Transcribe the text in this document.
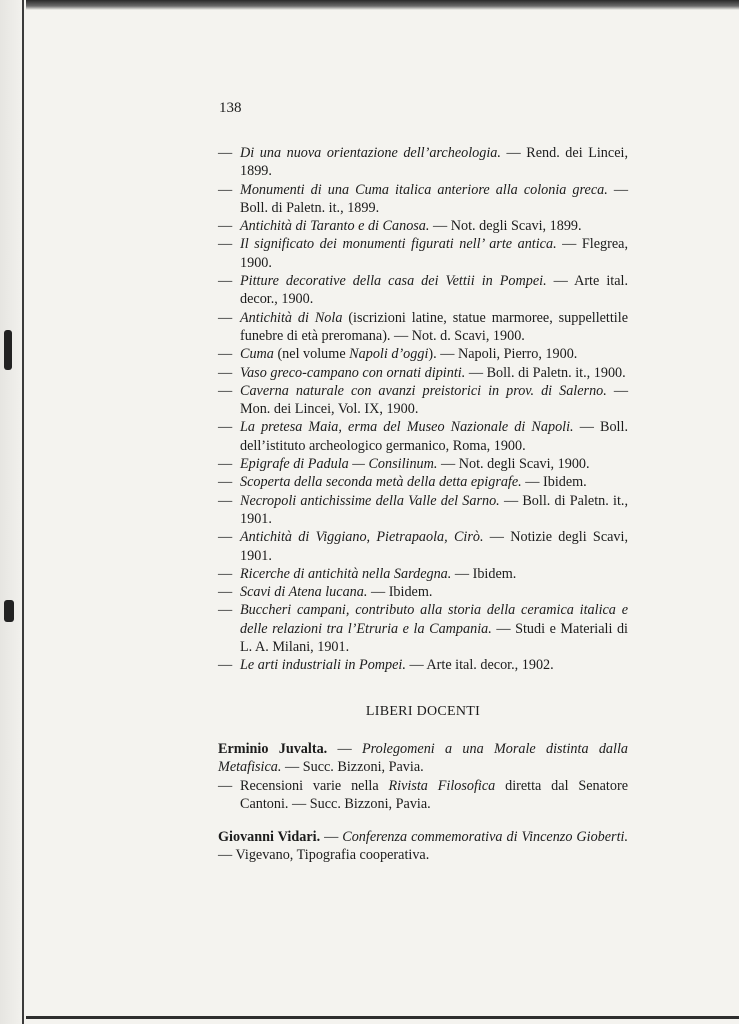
138
— Di una nuova orientazione dell’archeologia. — Rend. dei Lincei, 1899.
— Monumenti di una Cuma italica anteriore alla colonia greca. — Boll. di Paletn. it., 1899.
— Antichità di Taranto e di Canosa. — Not. degli Scavi, 1899.
— Il significato dei monumenti figurati nell’ arte antica. — Flegrea, 1900.
— Pitture decorative della casa dei Vettii in Pompei. — Arte ital. decor., 1900.
— Antichità di Nola (iscrizioni latine, statue marmoree, suppellettile funebre di età preromana). — Not. d. Scavi, 1900.
— Cuma (nel volume Napoli d’oggi). — Napoli, Pierro, 1900.
— Vaso greco-campano con ornati dipinti. — Boll. di Paletn. it., 1900.
— Caverna naturale con avanzi preistorici in prov. di Salerno. — Mon. dei Lincei, Vol. IX, 1900.
— La pretesa Maia, erma del Museo Nazionale di Napoli. — Boll. dell’istituto archeologico germanico, Roma, 1900.
— Epigrafe di Padula — Consilinum. — Not. degli Scavi, 1900.
— Scoperta della seconda metà della detta epigrafe. — Ibidem.
— Necropoli antichissime della Valle del Sarno. — Boll. di Paletn. it., 1901.
— Antichità di Viggiano, Pietrapaola, Cirò. — Notizie degli Scavi, 1901.
— Ricerche di antichità nella Sardegna. — Ibidem.
— Scavi di Atena lucana. — Ibidem.
— Buccheri campani, contributo alla storia della ceramica italica e delle relazioni tra l’Etruria e la Campania. — Studi e Materiali di L. A. Milani, 1901.
— Le arti industriali in Pompei. — Arte ital. decor., 1902.
LIBERI DOCENTI
Erminio Juvalta. — Prolegomeni a una Morale distinta dalla Metafisica. — Succ. Bizzoni, Pavia.
— Recensioni varie nella Rivista Filosofica diretta dal Senatore Cantoni. — Succ. Bizzoni, Pavia.
Giovanni Vidari. — Conferenza commemorativa di Vincenzo Gioberti. — Vigevano, Tipografia cooperativa.
